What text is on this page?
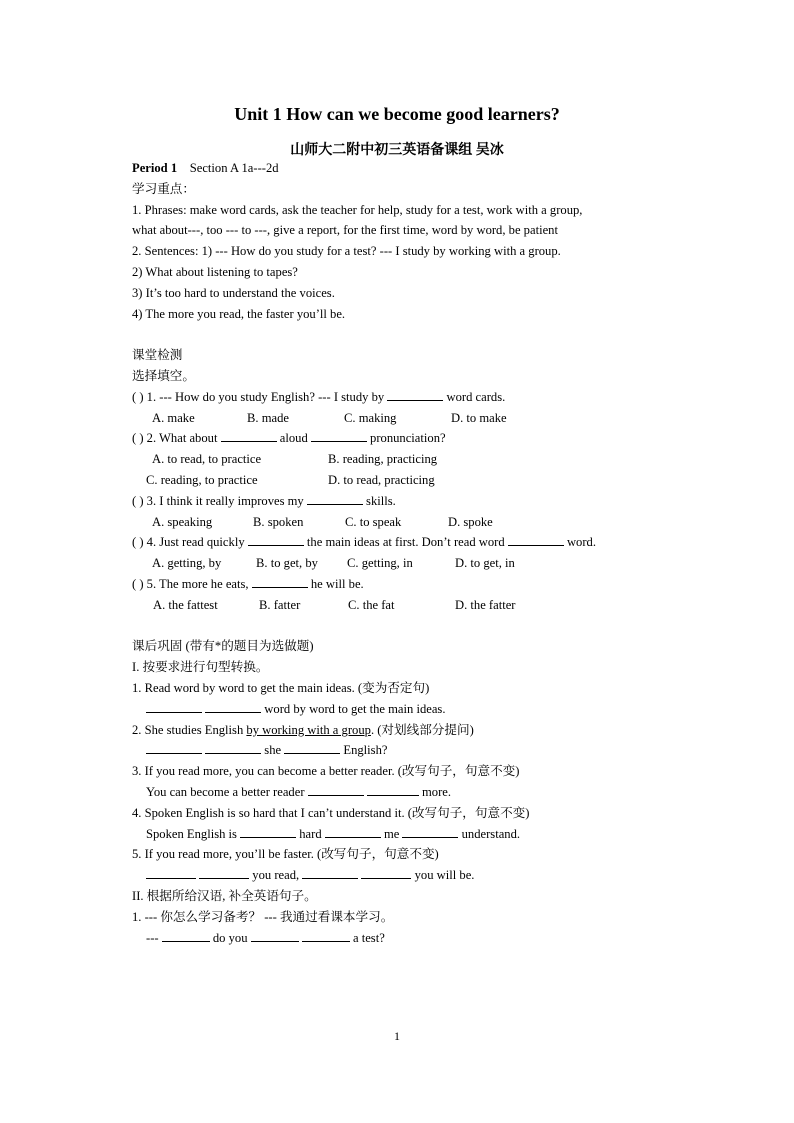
Unit 1 How can we become good learners?
山师大二附中初三英语备课组 吴冰
Period 1 Section A 1a---2d
学习重点：
1. Phrases: make word cards, ask the teacher for help, study for a test, work with a group,
what about---, too --- to ---, give a report, for the first time, word by word, be patient
2. Sentences: 1) --- How do you study for a test? --- I study by working with a group.
2) What about listening to tapes?
3) It’s too hard to understand the voices.
4) The more you read, the faster you’ll be.
课堂检测
选择填空。
( ) 1. --- How do you study English? --- I study by	word cards.
A. make	B. made	C. making	D. to make
( ) 2. What about	aloud	pronunciation?
A. to read, to practice	B. reading, practicing
C. reading, to practice	D. to read, practicing
( ) 3. I think it really improves my	skills.
A. speaking	B. spoken	C. to speak	D. spoke
( ) 4. Just read quickly	the main ideas at first. Don’t read word	word.
A. getting, by	B. to get, by C. getting, in	D. to get, in
( ) 5. The more he eats,	he will be.
A. the fattest	B. fatter	C. the fat	D. the fatter
课后巩固 (带有*的题目为选做题)
I. 按要求进行句型转换。
1. Read word by word to get the main ideas. (变为否定句)
word by word to get the main ideas.
2. She studies English by working with a group. (对划线部分提问)
she	English?
3. If you read more, you can become a better reader. (改写句子，句意不变)
You can become a better reader	more.
4. Spoken English is so hard that I can’t understand it. (改写句子，句意不变)
Spoken English is	hard	me	understand.
5. If you read more, you’ll be faster. (改写句子，句意不变)
you read,	you will be.
II. 根据所给汉语, 补全英语句子。
1. --- 你怎么学习备考？ --- 我通过看课本学习。
---	do you	a test?
1
